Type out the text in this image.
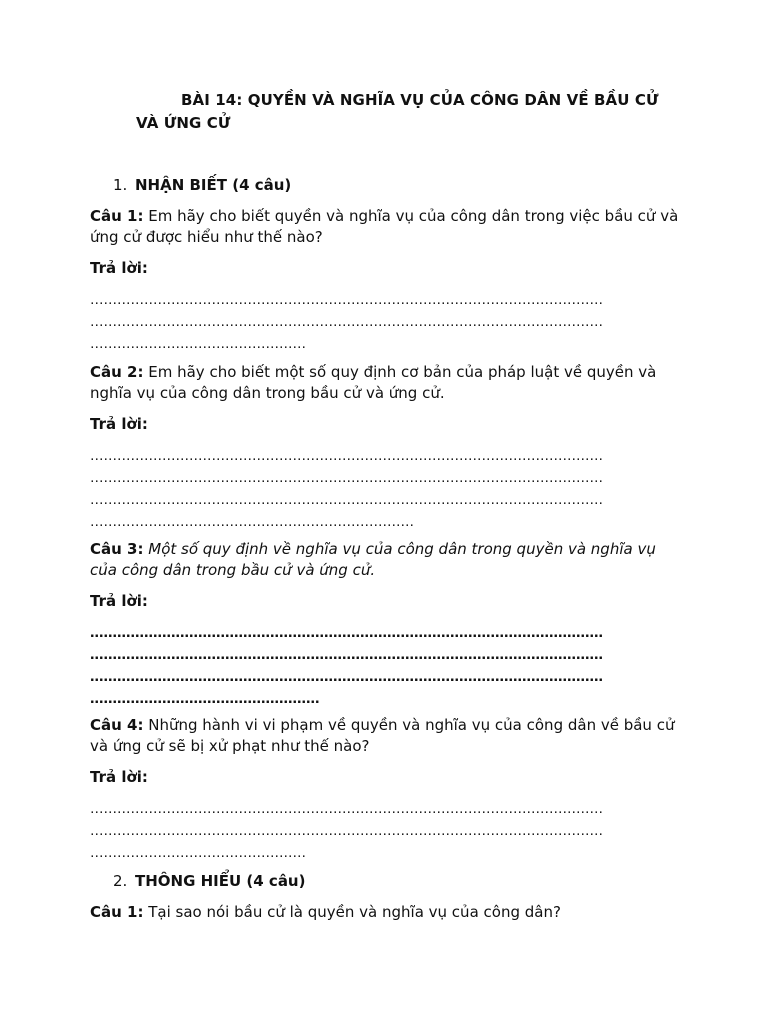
BÀI 14: QUYỀN VÀ NGHĨA VỤ CỦA CÔNG DÂN VỀ BẦU CỬ
VÀ ỨNG CỬ
1. NHẬN BIẾT (4 câu)
Câu 1: Em hãy cho biết quyền và nghĩa vụ của công dân trong việc bầu cử và ứng cử được hiểu như thế nào?
Trả lời:
……………………………………………………………………………………………………
……………………………………………………………………………………………………
…………………………………………
Câu 2: Em hãy cho biết một số quy định cơ bản của pháp luật về quyền và nghĩa vụ của công dân trong bầu cử và ứng cử.
Trả lời:
……………………………………………………………………………………………………
……………………………………………………………………………………………………
……………………………………………………………………………………………………
………………………………………………………………
Câu 3: Một số quy định về nghĩa vụ của công dân trong quyền và nghĩa vụ của công dân trong bầu cử và ứng cử.
Trả lời:
……………………………………………………………………………………………………
……………………………………………………………………………………………………
……………………………………………………………………………………………………
……………………………………………
Câu 4: Những hành vi vi phạm về quyền và nghĩa vụ của công dân về bầu cử và ứng cử sẽ bị xử phạt như thế nào?
Trả lời:
……………………………………………………………………………………………………
……………………………………………………………………………………………………
…………………………………………
2. THÔNG HIỂU (4 câu)
Câu 1: Tại sao nói bầu cử là quyền và nghĩa vụ của công dân?
